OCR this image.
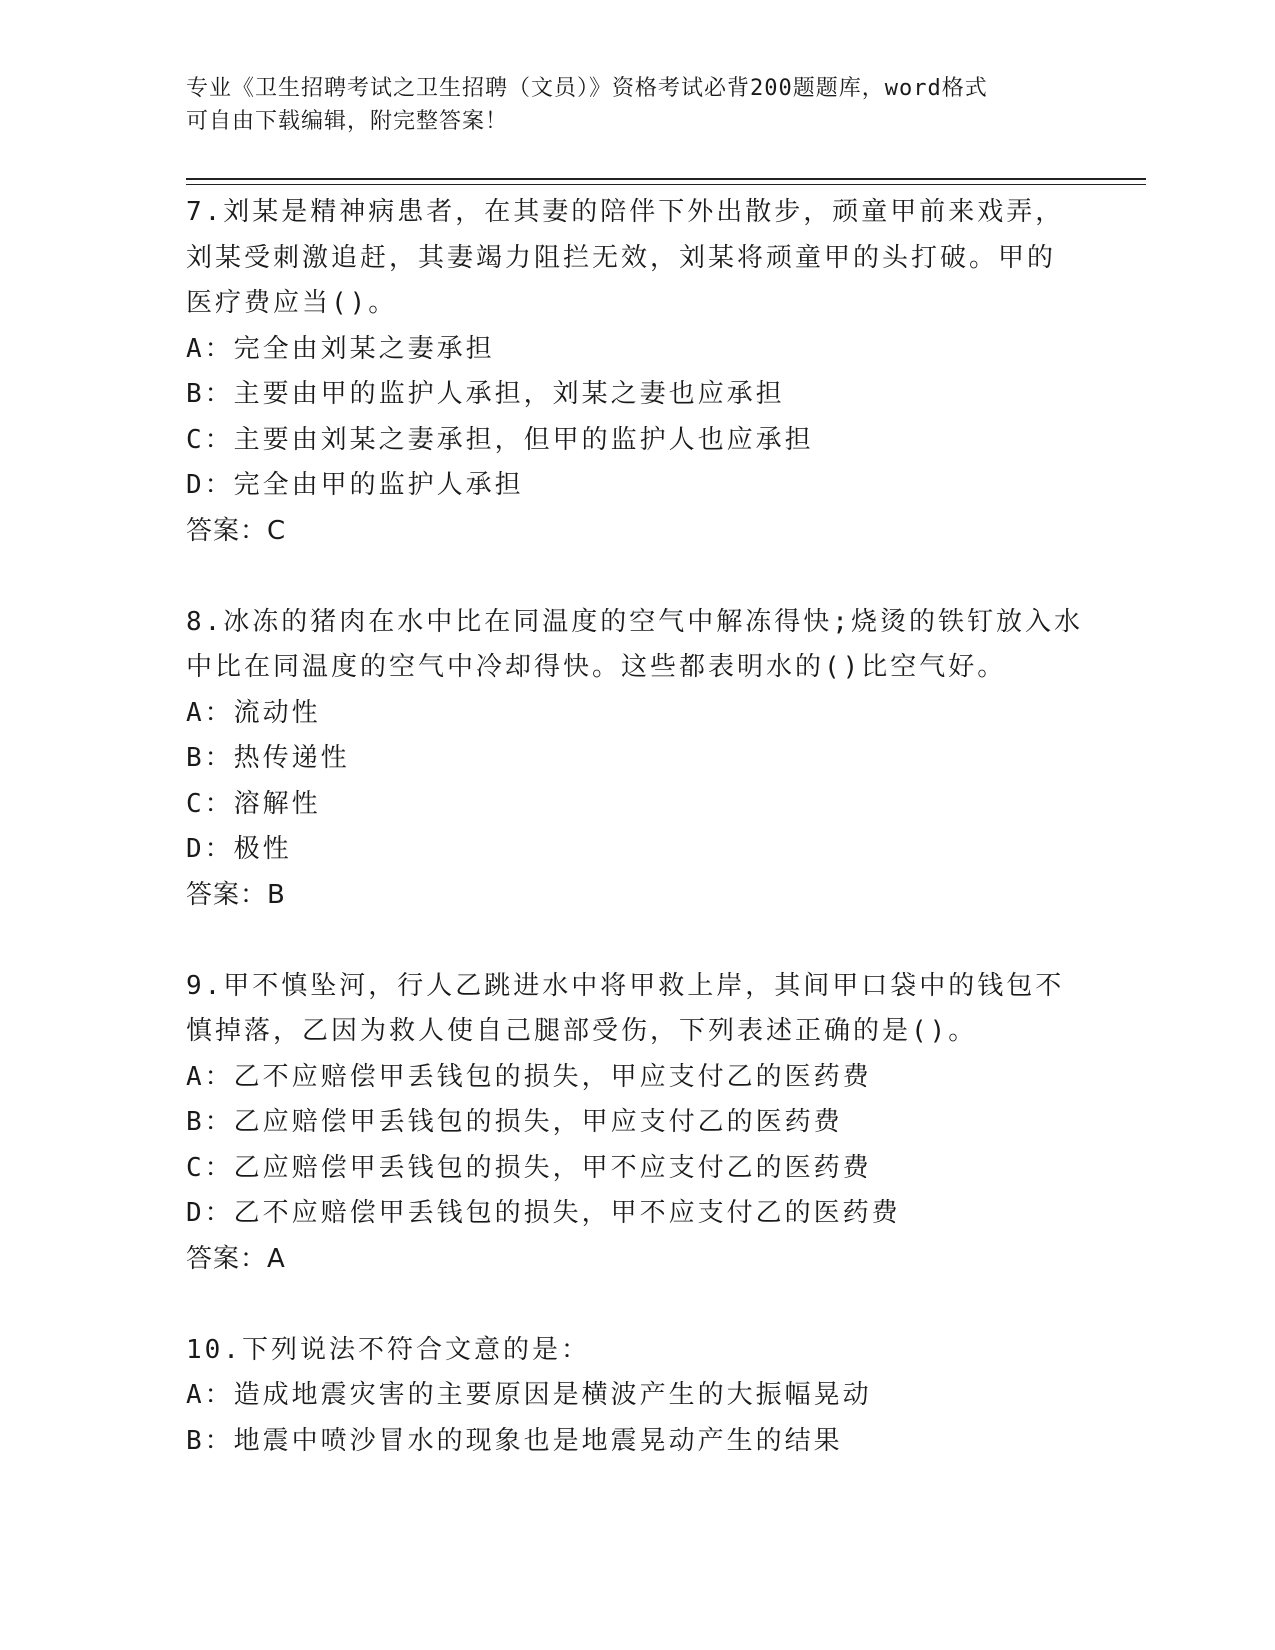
专业《卫生招聘考试之卫生招聘（文员）》资格考试必背200题题库，word格式
可自由下载编辑，附完整答案！

7.刘某是精神病患者，在其妻的陪伴下外出散步，顽童甲前来戏弄，

刘某受刺激追赶，其妻竭力阻拦无效，刘某将顽童甲的头打破。甲的

医疗费应当()。

A：完全由刘某之妻承担

B：主要由甲的监护人承担，刘某之妻也应承担

C：主要由刘某之妻承担，但甲的监护人也应承担

D：完全由甲的监护人承担

答案：C

8.冰冻的猪肉在水中比在同温度的空气中解冻得快;烧烫的铁钉放入水

中比在同温度的空气中冷却得快。这些都表明水的()比空气好。

A：流动性

B：热传递性

C：溶解性

D：极性

答案：B

9.甲不慎坠河，行人乙跳进水中将甲救上岸，其间甲口袋中的钱包不

慎掉落，乙因为救人使自己腿部受伤，下列表述正确的是()。

A：乙不应赔偿甲丢钱包的损失，甲应支付乙的医药费

B：乙应赔偿甲丢钱包的损失，甲应支付乙的医药费

C：乙应赔偿甲丢钱包的损失，甲不应支付乙的医药费

D：乙不应赔偿甲丢钱包的损失，甲不应支付乙的医药费

答案：A

10.下列说法不符合文意的是：

A：造成地震灾害的主要原因是横波产生的大振幅晃动

B：地震中喷沙冒水的现象也是地震晃动产生的结果
